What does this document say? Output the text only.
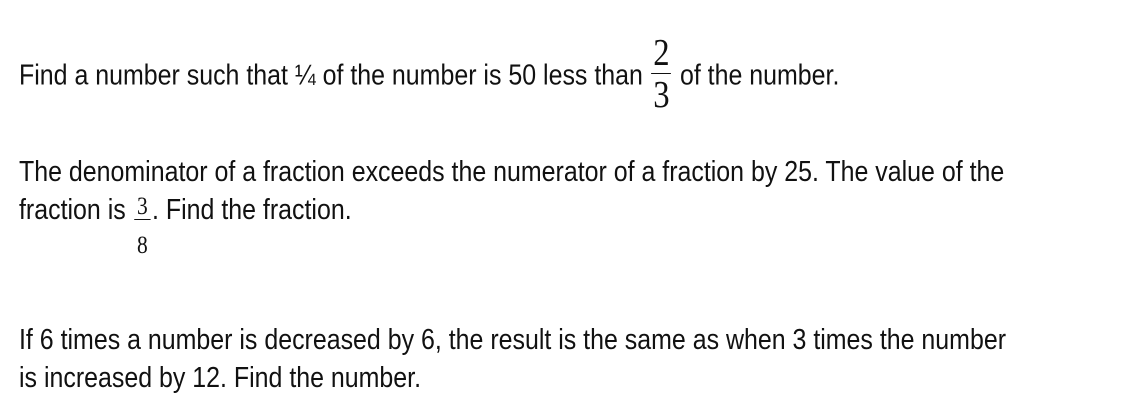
Find a number such that ¼ of the number is 50 less than $\frac{2}{3}$ of the number.
The denominator of a fraction exceeds the numerator of a fraction by 25. The value of the
fraction is $\frac{3}{8}$ . Find the fraction.
If 6 times a number is decreased by 6, the result is the same as when 3 times the number
is increased by 12. Find the number.
